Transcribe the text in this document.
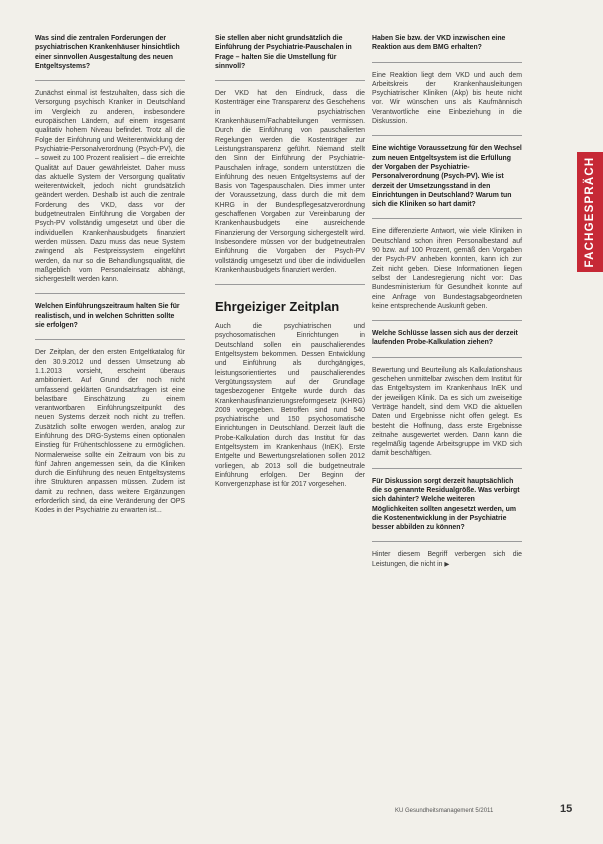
Was sind die zentralen Forderungen der psychiatrischen Krankenhäuser hinsichtlich einer sinnvollen Ausgestaltung des neuen Entgeltsystems?
Zunächst einmal ist festzuhalten, dass sich die Versorgung psychisch Kranker in Deutschland im Vergleich zu anderen, insbesondere europäischen Ländern, auf einem insgesamt qualitativ hohem Niveau befindet. Trotz all die Folge der Einführung und Weiterentwicklung der Psychiatrie-Personalverordnung (Psych-PV), die – soweit zu 100 Prozent realisiert – die erreichte Qualität auf Dauer gewährleistet. Daher muss das aktuelle System der Versorgung qualitativ weiterentwickelt, jedoch nicht grundsätzlich geändert werden. Deshalb ist auch die zentrale Forderung des VKD, dass vor der budgetneutralen Einführung die Vorgaben der Psych-PV vollständig umgesetzt und über die individuellen Krankenhausbudgets finanziert werden müssen. Dazu muss das neue System zwingend als Festpreissystem eingeführt werden, da nur so die Behandlungsqualität, die maßgeblich vom Personaleinsatz abhängt, sichergestellt werden kann.
Welchen Einführungszeitraum halten Sie für realistisch, und in welchen Schritten sollte sie erfolgen?
Der Zeitplan, der den ersten Entgeltkatalog für den 30.9.2012 und dessen Umsetzung ab 1.1.2013 vorsieht, erscheint überaus ambitioniert. Auf Grund der noch nicht umfassend geklärten Grundsatzfragen ist eine belastbare Einschätzung zu einem verantwortbaren Einführungszeitpunkt des neuen Systems derzeit noch nicht zu treffen. Zusätzlich sollte erwogen werden, analog zur Einführung des DRG-Systems einen optionalen Einstieg für Frühentschlossene zu ermöglichen. Normalerweise sollte ein Zeitraum von bis zu fünf Jahren angemessen sein, da die Kliniken durch die Einführung des neuen Entgeltsystems ihre Strukturen anpassen müssen. Zudem ist damit zu rechnen, dass weitere Ergänzungen erforderlich sind, da eine Veränderung der OPS Kodes in der Psychiatrie zu erwarten ist...
Sie stellen aber nicht grundsätzlich die Einführung der Psychiatrie-Pauschalen in Frage – halten Sie die Umstellung für sinnvoll?
Der VKD hat den Eindruck, dass die Kostenträger eine Transparenz des Geschehens in psychiatrischen Krankenhäusern/Fachabteilungen vermissen. Durch die Einführung von pauschalierten Regelungen werden die Kostenträger zur Leistungstransparenz geführt. Niemand stellt den Sinn der Einführung der Psychiatrie-Pauschalen infrage, sondern unterstützen die Einführung des neuen Entgeltsystems auf der Basis von Tagespauschalen. Dies immer unter der Voraussetzung, dass durch die mit dem KHRG in der Bundespflegesatzverordnung geschaffenen Vorgaben zur Vereinbarung der Krankenhausbudgets eine ausreichende Finanzierung der Versorgung sichergestellt wird. Insbesondere müssen vor der budgetneutralen Einführung die Vorgaben der Psych-PV vollständig umgesetzt und über die individuellen Krankenhausbudgets finanziert werden.
Ehrgeiziger Zeitplan
Auch die psychiatrischen und psychosomatischen Einrichtungen in Deutschland sollen ein pauschalierendes Entgeltsystem bekommen. Dessen Entwicklung und Einführung als durchgängiges, leistungsorientiertes und pauschalierendes Vergütungssystem auf der Grundlage tagesbezogener Entgelte wurde durch das Krankenhausfinanzierungsreformgesetz (KHRG) 2009 vorgegeben. Betroffen sind rund 540 psychiatrische und 150 psychosomatische Einrichtungen in Deutschland. Derzeit läuft die Probe-Kalkulation durch das Institut für das Entgeltsystem im Krankenhaus (InEK). Erste Entgelte und Bewertungsrelationen sollen 2012 vorliegen, ab 2013 soll die budgetneutrale Einführung erfolgen. Der Beginn der Konvergenzphase ist für 2017 vorgesehen.
Haben Sie bzw. der VKD inzwischen eine Reaktion aus dem BMG erhalten?
Eine Reaktion liegt dem VKD und auch dem Arbeitskreis der Krankenhausleitungen Psychiatrischer Kliniken (Akp) bis heute nicht vor. Wir wünschen uns als Kaufmännisch Verantwortliche eine Einbeziehung in die Diskussion.
Eine wichtige Voraussetzung für den Wechsel zum neuen Entgeltsystem ist die Erfüllung der Vorgaben der Psychiatrie-Personalverordnung (Psych-PV). Wie ist derzeit der Umsetzungsstand in den Einrichtungen in Deutschland? Warum tun sich die Kliniken so hart damit?
Eine differenzierte Antwort, wie viele Kliniken in Deutschland schon ihren Personalbestand auf 90 bzw. auf 100 Prozent, gemäß den Vorgaben der Psych-PV anheben konnten, kann ich zur Zeit nicht geben. Diese Informationen liegen selbst der Landesregierung nicht vor: Das Bundesministerium für Gesundheit konnte auf eine Anfrage von Bundestagsabgeordneten keine entsprechende Auskunft geben.
Welche Schlüsse lassen sich aus der derzeit laufenden Probe-Kalkulation ziehen?
Bewertung und Beurteilung als Kalkulationshaus geschehen unmittelbar zwischen dem Institut für das Entgeltsystem im Krankenhaus InEK und der jeweiligen Klinik. Da es sich um zweiseitige Verträge handelt, sind dem VKD die aktuellen Daten und Ergebnisse nicht offen gelegt. Es besteht die Hoffnung, dass erste Ergebnisse zeitnahe ausgewertet werden. Dann kann die regelmäßig tagende Arbeitsgruppe im VKD sich damit beschäftigen.
Für Diskussion sorgt derzeit hauptsächlich die so genannte Residualgröße. Was verbirgt sich dahinter? Welche weiteren Möglichkeiten sollten angesetzt werden, um die Kostenentwicklung in der Psychiatrie besser abbilden zu können?
Hinter diesem Begriff verbergen sich die Leistungen, die nicht in ▶
FACHGESPRÄCH
KU Gesundheitsmanagement 5/2011	15
